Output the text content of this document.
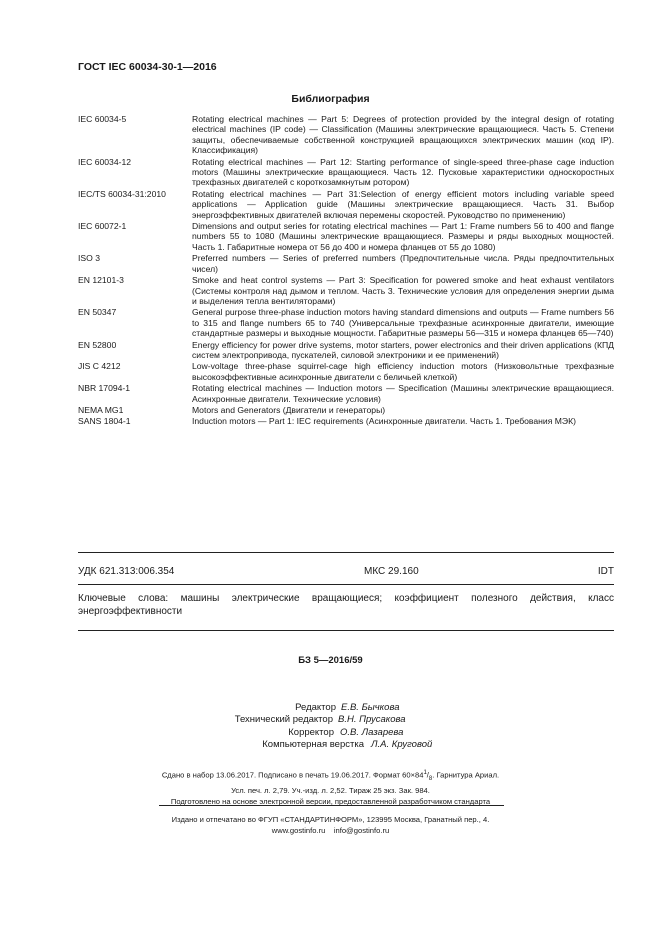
ГОСТ IEC 60034-30-1—2016
Библиография
IEC 60034-5	Rotating electrical machines — Part 5: Degrees of protection provided by the integral design of rotating electrical machines (IP code) — Classification (Машины электрические вращающиеся. Часть 5. Степени защиты, обеспечиваемые собственной конструкцией вращающихся электрических машин (код IP). Классификация)
IEC 60034-12	Rotating electrical machines — Part 12: Starting performance of single-speed three-phase cage induction motors (Машины электрические вращающиеся. Часть 12. Пусковые характеристики односкоростных трехфазных двигателей с короткозамкнутым ротором)
IEC/TS 60034-31:2010	Rotating electrical machines — Part 31:Selection of energy efficient motors including variable speed applications — Application guide (Машины электрические вращающиеся. Часть 31. Выбор энергоэффективных двигателей включая перемены скоростей. Руководство по применению)
IEC 60072-1	Dimensions and output series for rotating electrical machines — Part 1: Frame numbers 56 to 400 and flange numbers 55 to 1080 (Машины электрические вращающиеся. Размеры и ряды выходных мощностей. Часть 1. Габаритные номера от 56 до 400 и номера фланцев от 55 до 1080)
ISO 3	Preferred numbers — Series of preferred numbers (Предпочтительные числа. Ряды предпочтительных чисел)
EN 12101-3	Smoke and heat control systems — Part 3: Specification for powered smoke and heat exhaust ventilators (Системы контроля над дымом и теплом. Часть 3. Технические условия для определения энергии дыма и выделения тепла вентиляторами)
EN 50347	General purpose three-phase induction motors having standard dimensions and outputs — Frame numbers 56 to 315 and flange numbers 65 to 740 (Универсальные трехфазные асинхронные двигатели, имеющие стандартные размеры и выходные мощности. Габаритные размеры 56—315 и номера фланцев 65—740)
EN 52800	Energy efficiency for power drive systems, motor starters, power electronics and their driven applications (КПД систем электропривода, пускателей, силовой электроники и ее применений)
JIS C 4212	Low-voltage three-phase squirrel-cage high efficiency induction motors (Низковольтные трехфазные высокоэффективные асинхронные двигатели с беличьей клеткой)
NBR 17094-1	Rotating electrical machines — Induction motors — Specification (Машины электрические вращающиеся. Асинхронные двигатели. Технические условия)
NEMA MG1	Motors and Generators (Двигатели и генераторы)
SANS 1804-1	Induction motors — Part 1: IEC requirements (Асинхронные двигатели. Часть 1. Требования МЭК)
УДК 621.313:006.354	МКС 29.160	IDT
Ключевые слова: машины электрические вращающиеся; коэффициент полезного действия, класс энергоэффективности
БЗ 5—2016/59
Редактор Е.В. Бычкова
Технический редактор В.Н. Прусакова
Корректор О.В. Лазарева
Компьютерная верстка Л.А. Круговой
Сдано в набор 13.06.2017. Подписано в печать 19.06.2017. Формат $60\times 84^1/_8$. Гарнитура Ариал.
Усл. печ. л. 2,79. Уч.-изд. л. 2,52. Тираж 25 экз. Зак. 984.
Подготовлено на основе электронной версии, предоставленной разработчиком стандарта
Издано и отпечатано во ФГУП «СТАНДАРТИНФОРМ», 123995 Москва, Гранатный пер., 4.
www.gostinfo.ru info@gostinfo.ru
